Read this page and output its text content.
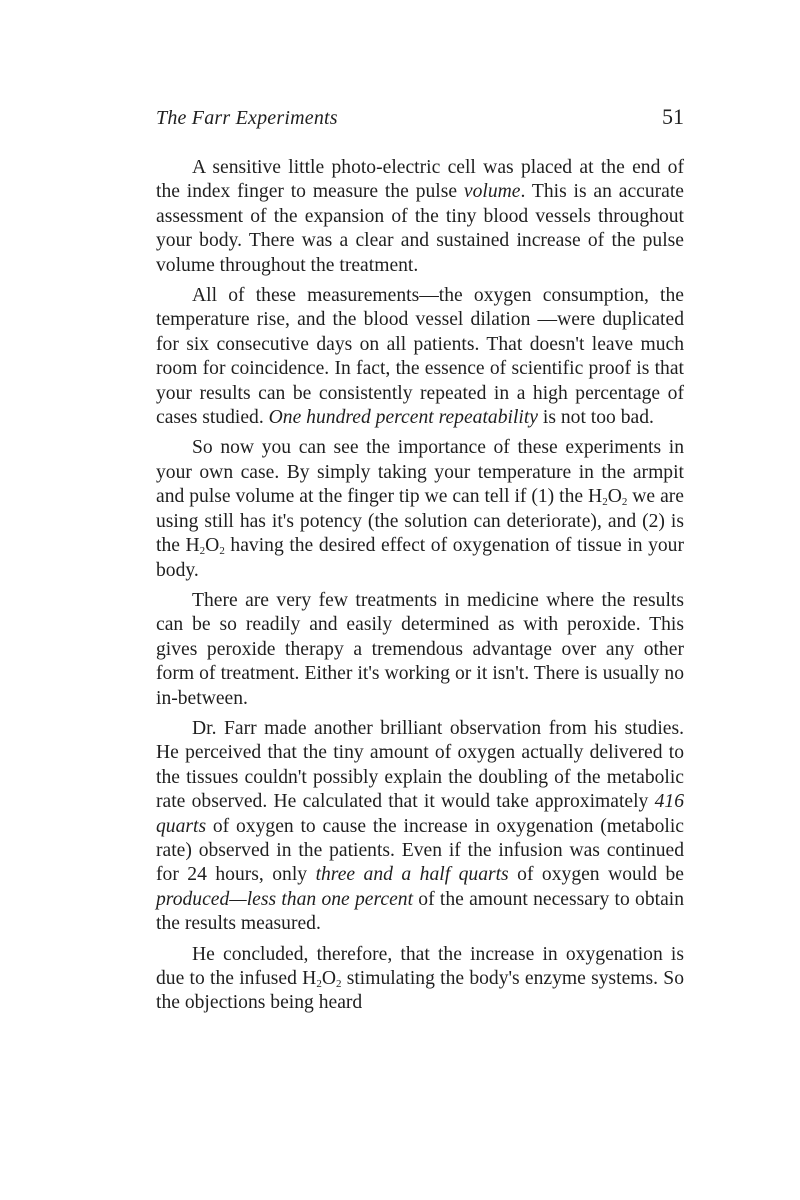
The Farr Experiments	51

A sensitive little photo-electric cell was placed at the end of the index finger to measure the pulse volume. This is an accurate assessment of the expansion of the tiny blood vessels throughout your body. There was a clear and sustained increase of the pulse volume throughout the treatment.

All of these measurements—the oxygen consumption, the temperature rise, and the blood vessel dilation —were duplicated for six consecutive days on all patients. That doesn't leave much room for coincidence. In fact, the essence of scientific proof is that your results can be consistently repeated in a high percentage of cases studied. One hundred percent repeatability is not too bad.

So now you can see the importance of these experiments in your own case. By simply taking your temperature in the armpit and pulse volume at the finger tip we can tell if (1) the $H_2O_2$ we are using still has it's potency (the solution can deteriorate), and (2) is the $H_2O_2$ having the desired effect of oxygenation of tissue in your body.

There are very few treatments in medicine where the results can be so readily and easily determined as with peroxide. This gives peroxide therapy a tremendous advantage over any other form of treatment. Either it's working or it isn't. There is usually no in-between.

Dr. Farr made another brilliant observation from his studies. He perceived that the tiny amount of oxygen actually delivered to the tissues couldn't possibly explain the doubling of the metabolic rate observed. He calculated that it would take approximately 416 quarts of oxygen to cause the increase in oxygenation (metabolic rate) observed in the patients. Even if the infusion was continued for 24 hours, only three and a half quarts of oxygen would be produced—less than one percent of the amount necessary to obtain the results measured.

He concluded, therefore, that the increase in oxygenation is due to the infused $H_2O_2$ stimulating the body's enzyme systems. So the objections being heard
